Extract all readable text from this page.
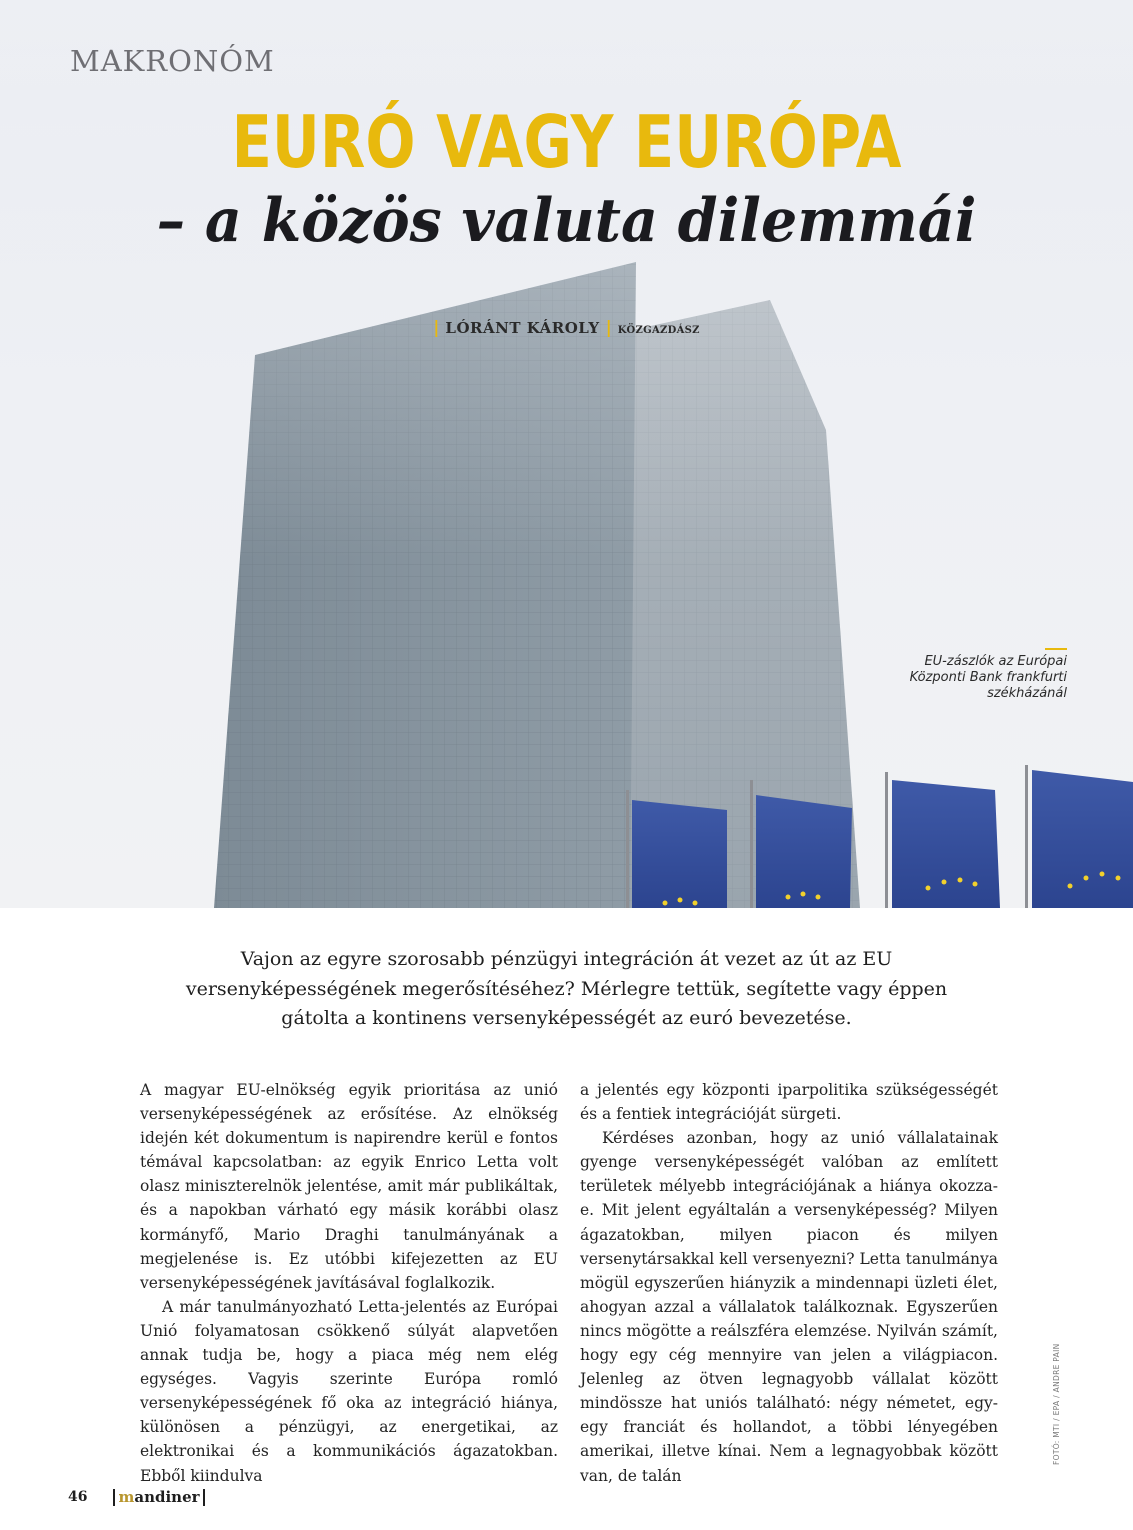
MAKRONÓM
EURÓ VAGY EURÓPA
– a közös valuta dilemmái
| LÓRÁNT KÁROLY | KÖZGAZDÁSZ
EU-zászlók az Európai Központi Bank frankfurti székházánál

Vajon az egyre szorosabb pénzügyi integráción át vezet az út az EU versenyképességének megerősítéséhez? Mérlegre tettük, segítette vagy éppen gátolta a kontinens versenyképességét az euró bevezetése.

A magyar EU-elnökség egyik prioritása az unió versenyképességének az erősítése. Az elnökség idején két dokumentum is napirendre kerül e fontos témával kapcsolatban: az egyik Enrico Letta volt olasz miniszterelnök jelentése, amit már publikáltak, és a napokban várható egy másik korábbi olasz kormányfő, Mario Draghi tanulmányának a megjelenése is. Ez utóbbi kifejezetten az EU versenyképességének javításával foglalkozik.

A már tanulmányozható Letta-jelentés az Európai Unió folyamatosan csökkenő súlyát alapvetően annak tudja be, hogy a piaca még nem elég egységes. Vagyis szerinte Európa romló versenyképességének fő oka az integráció hiánya, különösen a pénzügyi, az energetikai, az elektronikai és a kommunikációs ágazatokban. Ebből kiindulva

a jelentés egy központi iparpolitika szükségességét és a fentiek integrációját sürgeti.

Kérdéses azonban, hogy az unió vállalatainak gyenge versenyképességét valóban az említett területek mélyebb integrációjának a hiánya okozza-e. Mit jelent egyáltalán a versenyképesség? Milyen ágazatokban, milyen piacon és milyen versenytársakkal kell versenyezni? Letta tanulmánya mögül egyszerűen hiányzik a mindennapi üzleti élet, ahogyan azzal a vállalatok találkoznak. Egyszerűen nincs mögötte a reálszféra elemzése. Nyilván számít, hogy egy cég mennyire van jelen a világpiacon. Jelenleg az ötven legnagyobb vállalat között mindössze hat uniós található: négy németet, egy-egy franciát és hollandot, a többi lényegében amerikai, illetve kínai. Nem a legnagyobbak között van, de talán

FOTÓ: MTI / EPA / ANDRE PAIN
46	mandiner
